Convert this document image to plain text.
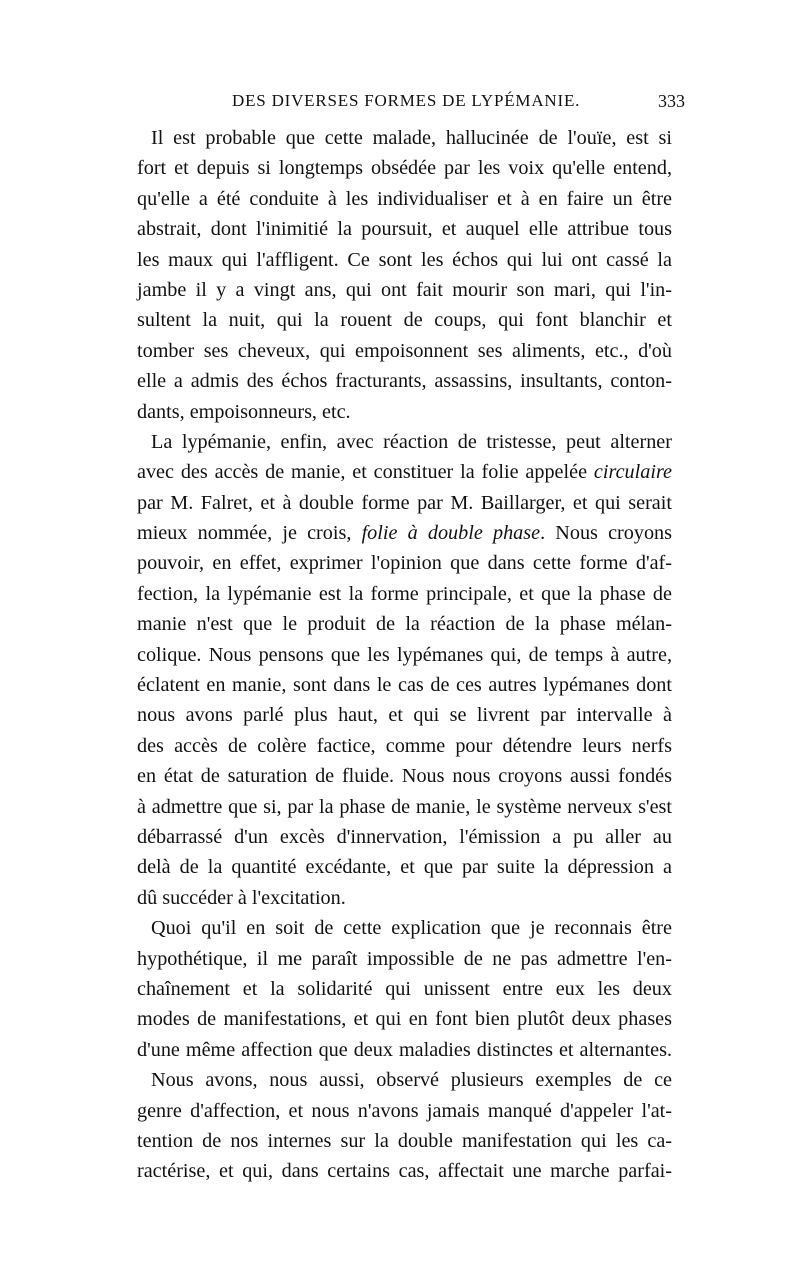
DES DIVERSES FORMES DE LYPÉMANIE.	333
Il est probable que cette malade, hallucinée de l'ouïe, est si
fort et depuis si longtemps obsédée par les voix qu'elle entend,
qu'elle a été conduite à les individualiser et à en faire un être
abstrait, dont l'inimitié la poursuit, et auquel elle attribue tous
les maux qui l'affligent. Ce sont les échos qui lui ont cassé la
jambe il y a vingt ans, qui ont fait mourir son mari, qui l'in-
sultent la nuit, qui la rouent de coups, qui font blanchir et
tomber ses cheveux, qui empoisonnent ses aliments, etc., d'où
elle a admis des échos fracturants, assassins, insultants, conton-
dants, empoisonneurs, etc.
La lypémanie, enfin, avec réaction de tristesse, peut alterner
avec des accès de manie, et constituer la folie appelée circulaire
par M. Falret, et à double forme par M. Baillarger, et qui serait
mieux nommée, je crois, folie à double phase. Nous croyons
pouvoir, en effet, exprimer l'opinion que dans cette forme d'af-
fection, la lypémanie est la forme principale, et que la phase de
manie n'est que le produit de la réaction de la phase mélan-
colique. Nous pensons que les lypémanes qui, de temps à autre,
éclatent en manie, sont dans le cas de ces autres lypémanes dont
nous avons parlé plus haut, et qui se livrent par intervalle à
des accès de colère factice, comme pour détendre leurs nerfs
en état de saturation de fluide. Nous nous croyons aussi fondés
à admettre que si, par la phase de manie, le système nerveux s'est
débarrassé d'un excès d'innervation, l'émission a pu aller au
delà de la quantité excédante, et que par suite la dépression a
dû succéder à l'excitation.
Quoi qu'il en soit de cette explication que je reconnais être
hypothétique, il me paraît impossible de ne pas admettre l'en-
chaînement et la solidarité qui unissent entre eux les deux
modes de manifestations, et qui en font bien plutôt deux phases
d'une même affection que deux maladies distinctes et alternantes.
Nous avons, nous aussi, observé plusieurs exemples de ce
genre d'affection, et nous n'avons jamais manqué d'appeler l'at-
tention de nos internes sur la double manifestation qui les ca-
ractérise, et qui, dans certains cas, affectait une marche parfai-
